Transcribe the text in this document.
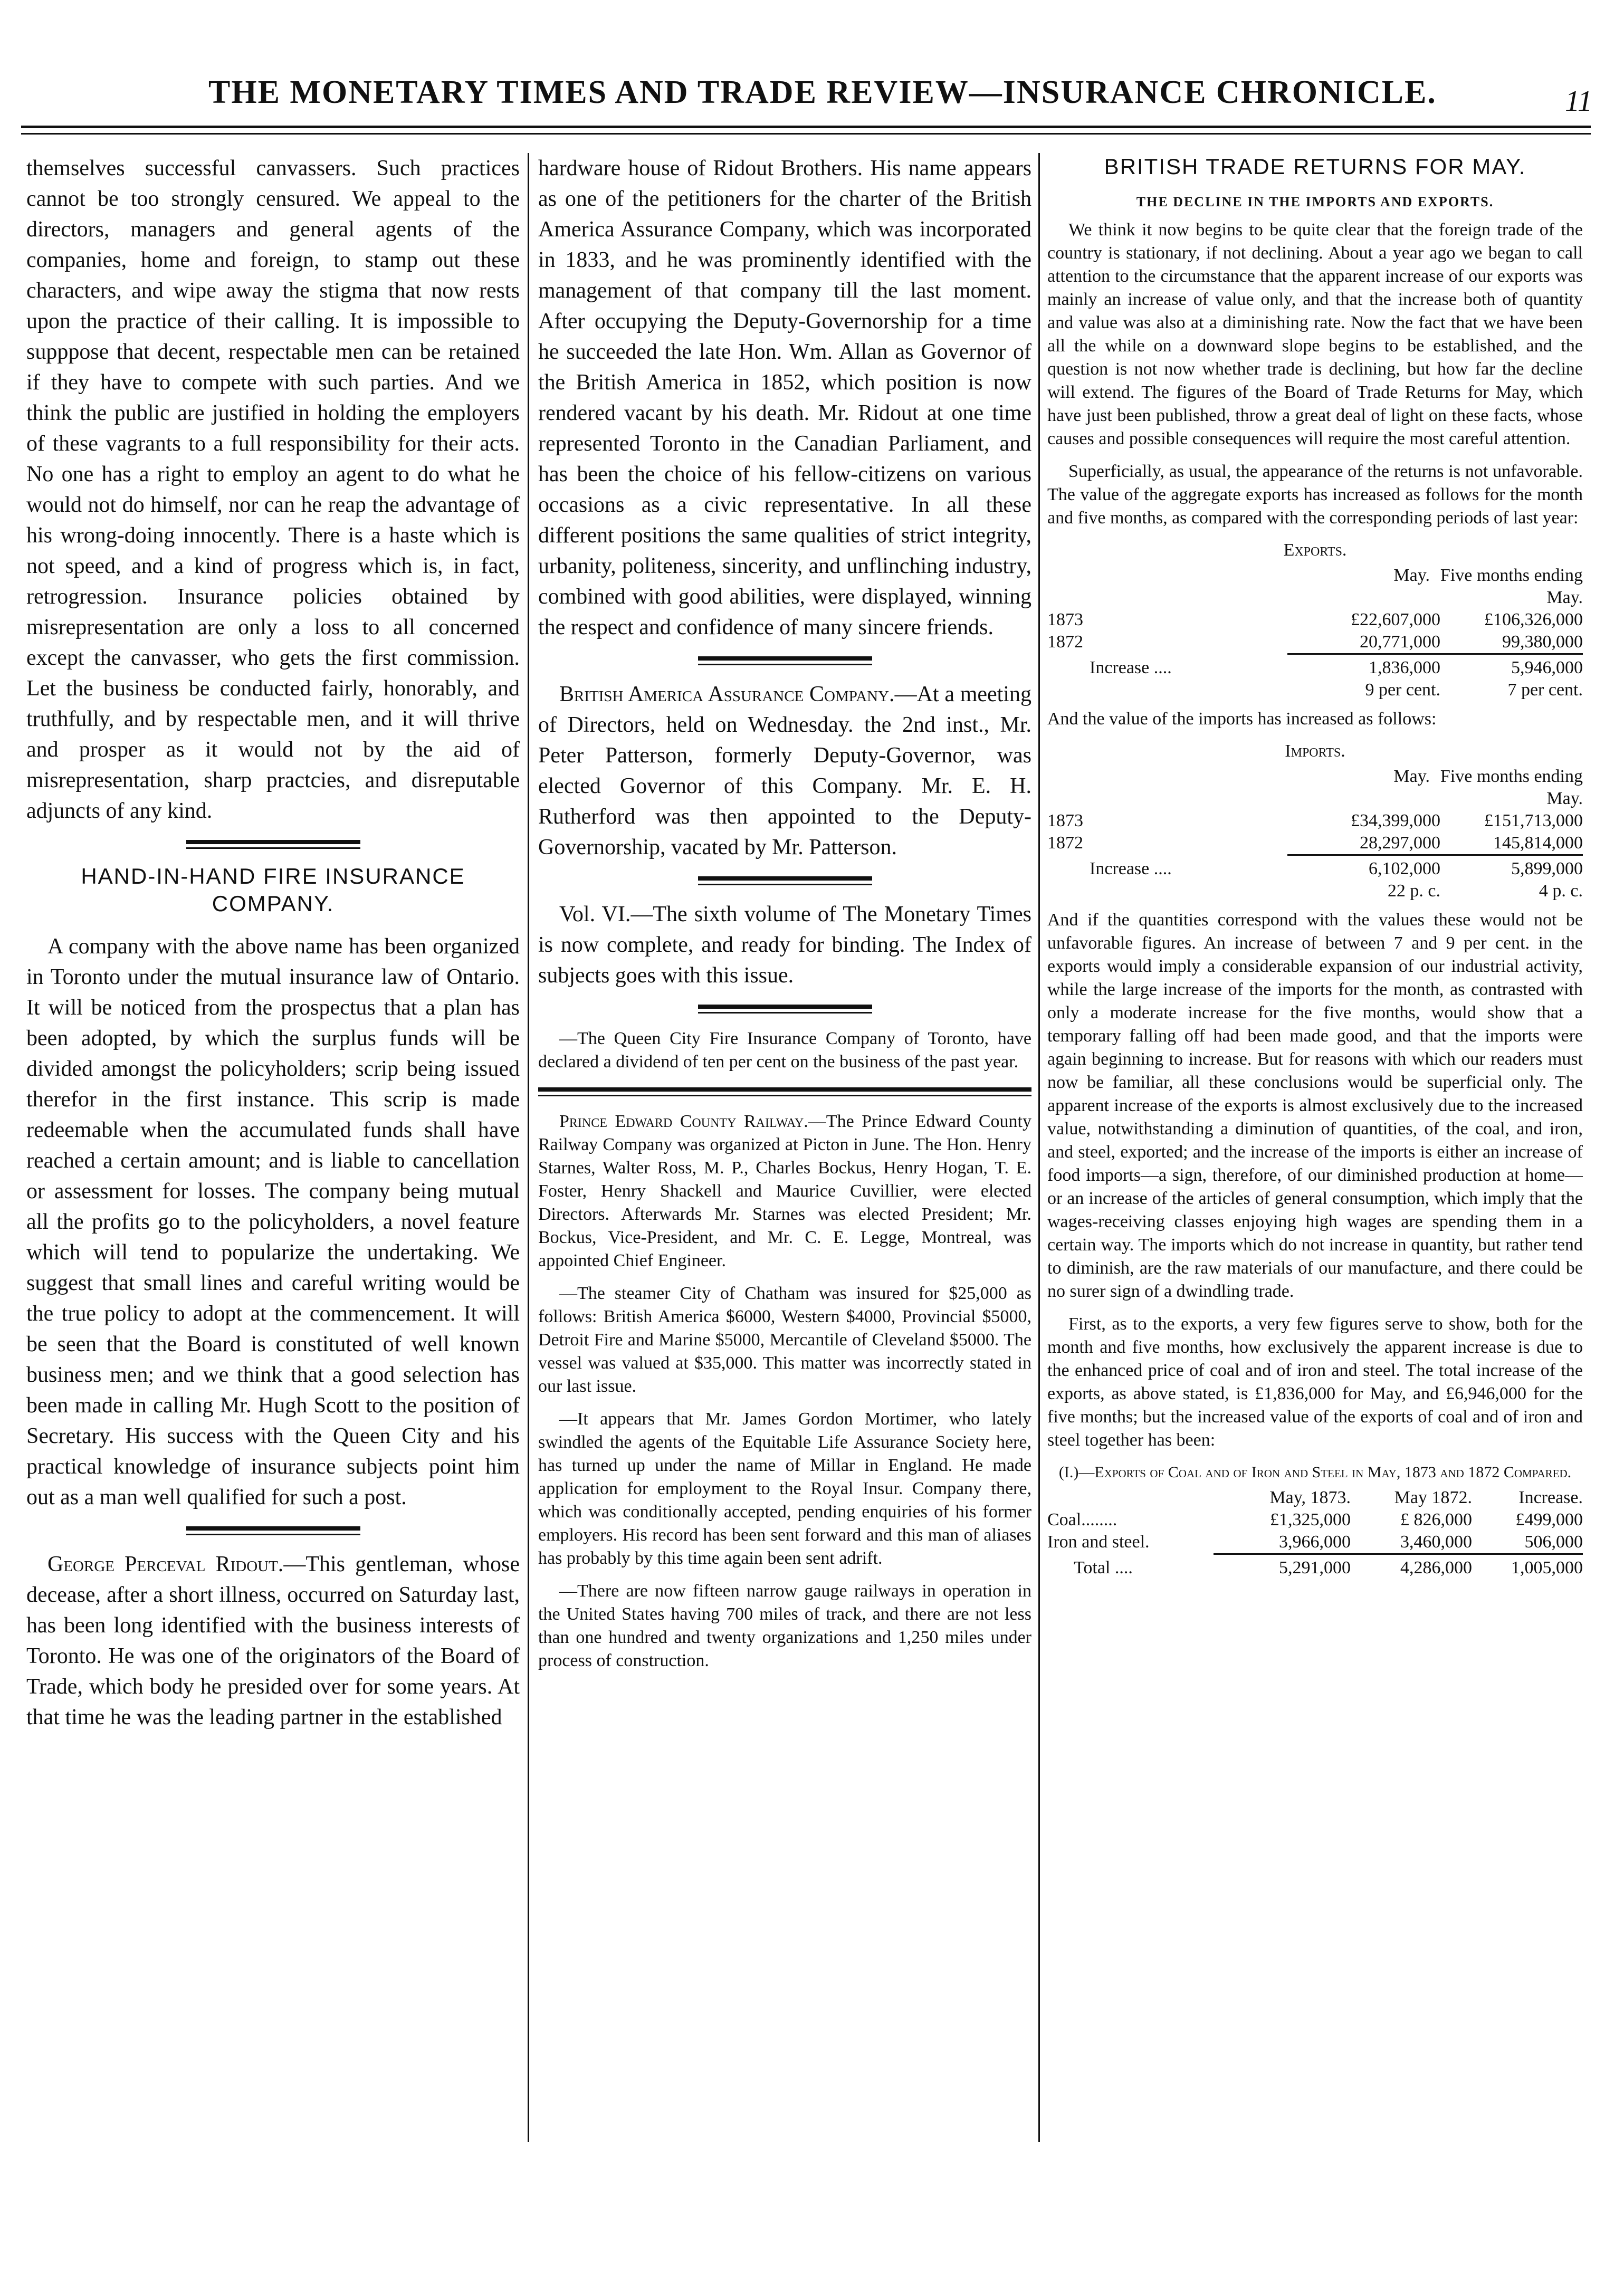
THE MONETARY TIMES AND TRADE REVIEW—INSURANCE CHRONICLE.	11

themselves successful canvassers. Such practices cannot be too strongly censured. We appeal to the directors, managers and general agents of the companies, home and foreign, to stamp out these characters, and wipe away the stigma that now rests upon the practice of their calling. It is impossible to supppose that decent, respectable men can be retained if they have to compete with such parties. And we think the public are justified in holding the employers of these vagrants to a full responsibility for their acts. No one has a right to employ an agent to do what he would not do himself, nor can he reap the advantage of his wrong-doing innocently. There is a haste which is not speed, and a kind of progress which is, in fact, retrogression. Insurance policies obtained by misrepresentation are only a loss to all concerned except the canvasser, who gets the first commission. Let the business be conducted fairly, honorably, and truthfully, and by respectable men, and it will thrive and prosper as it would not by the aid of misrepresentation, sharp practcies, and disreputable adjuncts of any kind.

HAND-IN-HAND FIRE INSURANCE COMPANY.

A company with the above name has been organized in Toronto under the mutual insurance law of Ontario. It will be noticed from the prospectus that a plan has been adopted, by which the surplus funds will be divided amongst the policyholders; scrip being issued therefor in the first instance. This scrip is made redeemable when the accumulated funds shall have reached a certain amount; and is liable to cancellation or assessment for losses. The company being mutual all the profits go to the policyholders, a novel feature which will tend to popularize the undertaking. We suggest that small lines and careful writing would be the true policy to adopt at the commencement. It will be seen that the Board is constituted of well known business men; and we think that a good selection has been made in calling Mr. Hugh Scott to the position of Secretary. His success with the Queen City and his practical knowledge of insurance subjects point him out as a man well qualified for such a post.

George Perceval Ridout.—This gentleman, whose decease, after a short illness, occurred on Saturday last, has been long identified with the business interests of Toronto. He was one of the originators of the Board of Trade, which body he presided over for some years. At that time he was the leading partner in the established

hardware house of Ridout Brothers. His name appears as one of the petitioners for the charter of the British America Assurance Company, which was incorporated in 1833, and he was prominently identified with the management of that company till the last moment. After occupying the Deputy-Governorship for a time he succeeded the late Hon. Wm. Allan as Governor of the British America in 1852, which position is now rendered vacant by his death. Mr. Ridout at one time represented Toronto in the Canadian Parliament, and has been the choice of his fellow-citizens on various occasions as a civic representative. In all these different positions the same qualities of strict integrity, urbanity, politeness, sincerity, and unflinching industry, combined with good abilities, were displayed, winning the respect and confidence of many sincere friends.

British America Assurance Company.—At a meeting of Directors, held on Wednesday. the 2nd inst., Mr. Peter Patterson, formerly Deputy-Governor, was elected Governor of this Company. Mr. E. H. Rutherford was then appointed to the Deputy-Governorship, vacated by Mr. Patterson.

Vol. VI.—The sixth volume of The Monetary Times is now complete, and ready for binding. The Index of subjects goes with this issue.

—The Queen City Fire Insurance Company of Toronto, have declared a dividend of ten per cent on the business of the past year.

Prince Edward County Railway.—The Prince Edward County Railway Company was organized at Picton in June. The Hon. Henry Starnes, Walter Ross, M. P., Charles Bockus, Henry Hogan, T. E. Foster, Henry Shackell and Maurice Cuvillier, were elected Directors. Afterwards Mr. Starnes was elected President; Mr. Bockus, Vice-President, and Mr. C. E. Legge, Montreal, was appointed Chief Engineer.

—The steamer City of Chatham was insured for $25,000 as follows: British America $6000, Western $4000, Provincial $5000, Detroit Fire and Marine $5000, Mercantile of Cleveland $5000. The vessel was valued at $35,000. This matter was incorrectly stated in our last issue.

—It appears that Mr. James Gordon Mortimer, who lately swindled the agents of the Equitable Life Assurance Society here, has turned up under the name of Millar in England. He made application for employment to the Royal Insur. Company there, which was conditionally accepted, pending enquiries of his former employers. His record has been sent forward and this man of aliases has probably by this time again been sent adrift.

—There are now fifteen narrow gauge railways in operation in the United States having 700 miles of track, and there are not less than one hundred and twenty organizations and 1,250 miles under process of construction.

BRITISH TRADE RETURNS FOR MAY.
THE DECLINE IN THE IMPORTS AND EXPORTS.

We think it now begins to be quite clear that the foreign trade of the country is stationary, if not declining. About a year ago we began to call attention to the circumstance that the apparent increase of our exports was mainly an increase of value only, and that the increase both of quantity and value was also at a diminishing rate. Now the fact that we have been all the while on a downward slope begins to be established, and the question is not now whether trade is declining, but how far the decline will extend. The figures of the Board of Trade Returns for May, which have just been published, throw a great deal of light on these facts, whose causes and possible consequences will require the most careful attention.

Superficially, as usual, the appearance of the returns is not unfavorable. The value of the aggregate exports has increased as follows for the month and five months, as compared with the corresponding periods of last year:

Exports.
May. Five months ending May.
1873	£22,607,000	£106,326,000
1872	20,771,000	99,380,000
Increase ....	1,836,000	5,946,000
9 per cent.	7 per cent.

And the value of the imports has increased as follows:

Imports.
May. Five months ending May.
1873	£34,399,000	£151,713,000
1872	28,297,000	145,814,000
Increase ....	6,102,000	5,899,000
22 p. c.	4 p. c.

And if the quantities correspond with the values these would not be unfavorable figures. An increase of between 7 and 9 per cent. in the exports would imply a considerable expansion of our industrial activity, while the large increase of the imports for the month, as contrasted with only a moderate increase for the five months, would show that a temporary falling off had been made good, and that the imports were again beginning to increase. But for reasons with which our readers must now be familiar, all these conclusions would be superficial only. The apparent increase of the exports is almost exclusively due to the increased value, notwithstanding a diminution of quantities, of the coal, and iron, and steel, exported; and the increase of the imports is either an increase of food imports—a sign, therefore, of our diminished production at home—or an increase of the articles of general consumption, which imply that the wages-receiving classes enjoying high wages are spending them in a certain way. The imports which do not increase in quantity, but rather tend to diminish, are the raw materials of our manufacture, and there could be no surer sign of a dwindling trade.

First, as to the exports, a very few figures serve to show, both for the month and five months, how exclusively the apparent increase is due to the enhanced price of coal and of iron and steel. The total increase of the exports, as above stated, is £1,836,000 for May, and £6,946,000 for the five months; but the increased value of the exports of coal and of iron and steel together has been:

(I.)—Exports of Coal and of Iron and Steel in May, 1873 and 1872 Compared.
May, 1873.	May 1872.	Increase.
Coal........	£1,325,000	£ 826,000	£499,000
Iron and steel.	3,966,000	3,460,000	506,000
Total ....	5,291,000	4,286,000	1,005,000
